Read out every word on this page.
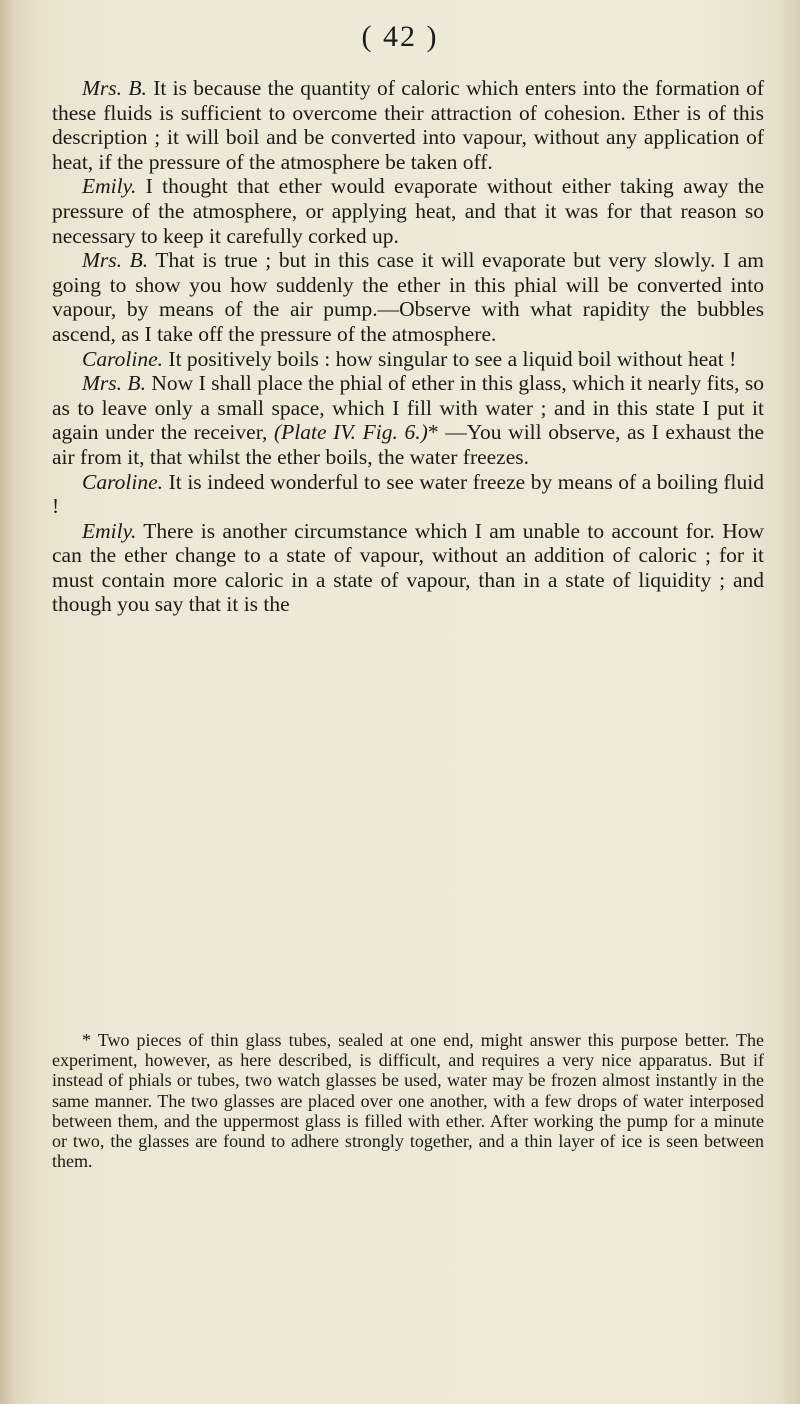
( 42 )

Mrs. B. It is because the quantity of caloric which enters into the formation of these fluids is sufficient to overcome their attraction of cohesion. Ether is of this description ; it will boil and be converted into vapour, without any application of heat, if the pressure of the atmosphere be taken off.

Emily. I thought that ether would evaporate without either taking away the pressure of the atmosphere, or applying heat, and that it was for that reason so necessary to keep it carefully corked up.

Mrs. B. That is true ; but in this case it will evaporate but very slowly. I am going to show you how suddenly the ether in this phial will be converted into vapour, by means of the air pump.—Observe with what rapidity the bubbles ascend, as I take off the pressure of the atmosphere.

Caroline. It positively boils : how singular to see a liquid boil without heat !

Mrs. B. Now I shall place the phial of ether in this glass, which it nearly fits, so as to leave only a small space, which I fill with water ; and in this state I put it again under the receiver, (Plate IV. Fig. 6.)* —You will observe, as I exhaust the air from it, that whilst the ether boils, the water freezes.

Caroline. It is indeed wonderful to see water freeze by means of a boiling fluid !

Emily. There is another circumstance which I am unable to account for. How can the ether change to a state of vapour, without an addition of caloric ; for it must contain more caloric in a state of vapour, than in a state of liquidity ; and though you say that it is the

* Two pieces of thin glass tubes, sealed at one end, might answer this purpose better. The experiment, however, as here described, is difficult, and requires a very nice apparatus. But if instead of phials or tubes, two watch glasses be used, water may be frozen almost instantly in the same manner. The two glasses are placed over one another, with a few drops of water interposed between them, and the uppermost glass is filled with ether. After working the pump for a minute or two, the glasses are found to adhere strongly together, and a thin layer of ice is seen between them.
